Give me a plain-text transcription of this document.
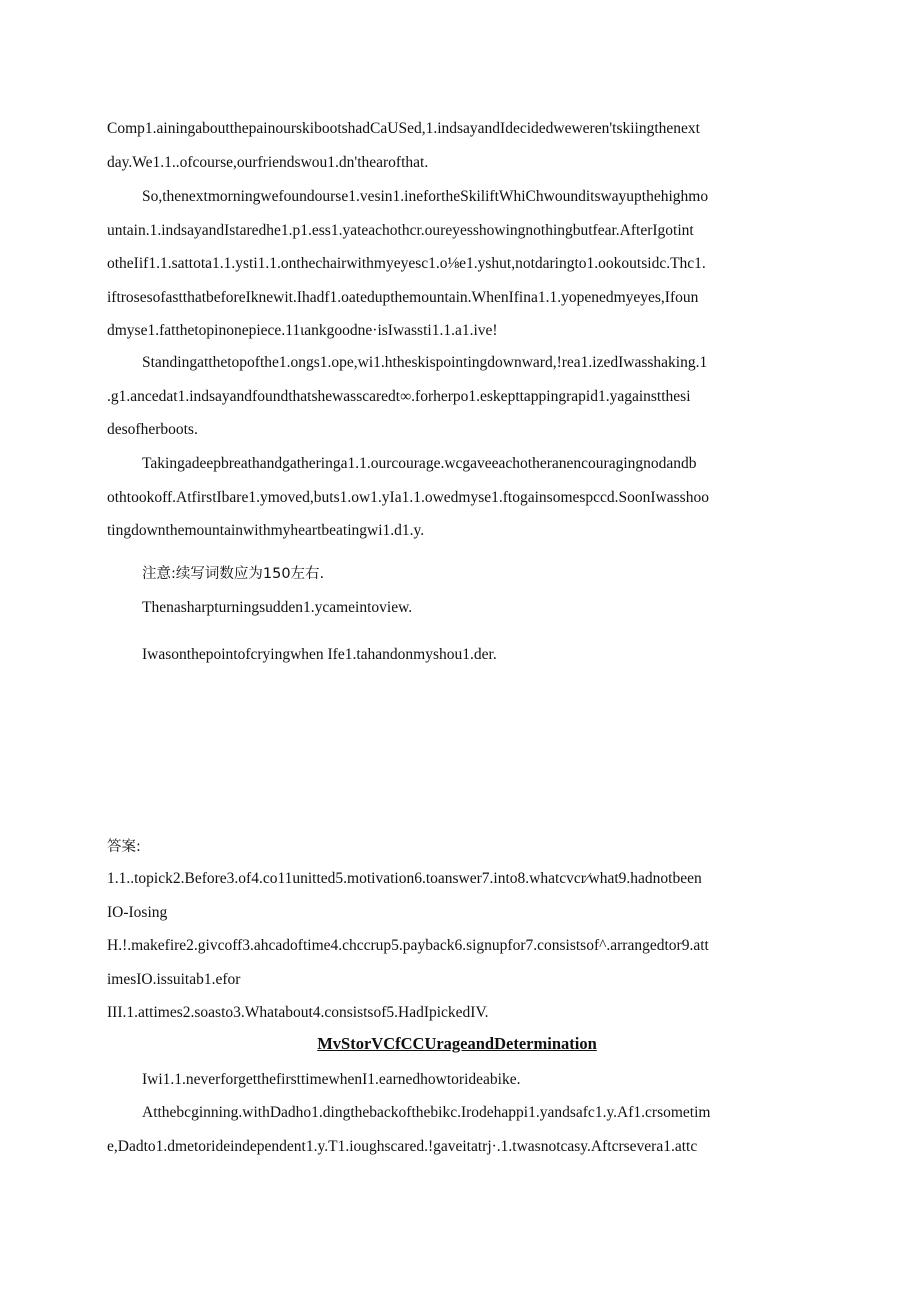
Comp1.ainingaboutthepainourskibootshadCaUSed,1.indsayandIdecidedweweren'tskiingthenext
day.We1.1..ofcourse,ourfriendswou1.dn'thearofthat.
So,thenextmorningwefoundourse1.vesin1.inefortheSkiliftWhiChwounditswayupthehighmo
untain.1.indsayandIstaredhe1.p1.ess1.yateachothcr.oureyesshowingnothingbutfear.AfterIgotint
otheIif1.1.sattota1.1.ysti1.1.onthechairwithmyeyesc1.o⅛e1.yshut,notdaringto1.ookoutsidc.Thc1.
iftrosesofastthatbeforeIknewit.Ihadf1.oatedupthemountain.WhenIfina1.1.yopenedmyeyes,Ifoun
dmyse1.fatthetopinonepiece.11ιankgoodne·isIwassti1.1.a1.ive!
Standingatthetopofthe1.ongs1.ope,wi1.htheskispointingdownward,!rea1.izedIwasshaking.1
.g1.ancedat1.indsayandfoundthatshewasscaredt∞.forherpo1.eskepttappingrapid1.yagainstthesi
desofherboots.
Takingadeepbreathandgatheringa1.1.ourcourage.wcgaveeachotheranencouragingnodandb
othtookoff.AtfirstIbare1.ymoved,buts1.ow1.yIa1.1.owedmyse1.ftogainsomespccd.SoonIwasshoo
tingdownthemountainwithmyheartbeatingwi1.d1.y.
注意:续写词数应为150左右.
Thenasharpturningsudden1.ycameintoview.
Iwasonthepointofcryingwhen Ife1.tahandonmyshou1.der.
答案:
1.1..topick2.Before3.of4.co11unitted5.motivation6.toanswer7.into8.whatcvcr∕what9.hadnotbeen
IO-Iosing
H.!.makefire2.givcoff3.ahcadoftime4.chccrup5.payback6.signupfor7.consistsof^.arrangedtor9.att
imesIO.issuitab1.efor
III.1.attimes2.soasto3.Whatabout4.consistsof5.HadIpickedIV.
MvStorVCfCCUrageandDetermination
Iwi1.1.neverforgetthefirsttimewhenI1.earnedhowtorideabike.
Atthebcginning.withDadho1.dingthebackofthebikc.Irodehappi1.yandsafc1.y.Af1.crsometim
e,Dadto1.dmetorideindependent1.y.T1.ioughscared.!gaveitatrj·.1.twasnotcasy.Aftcrsevera1.attc
